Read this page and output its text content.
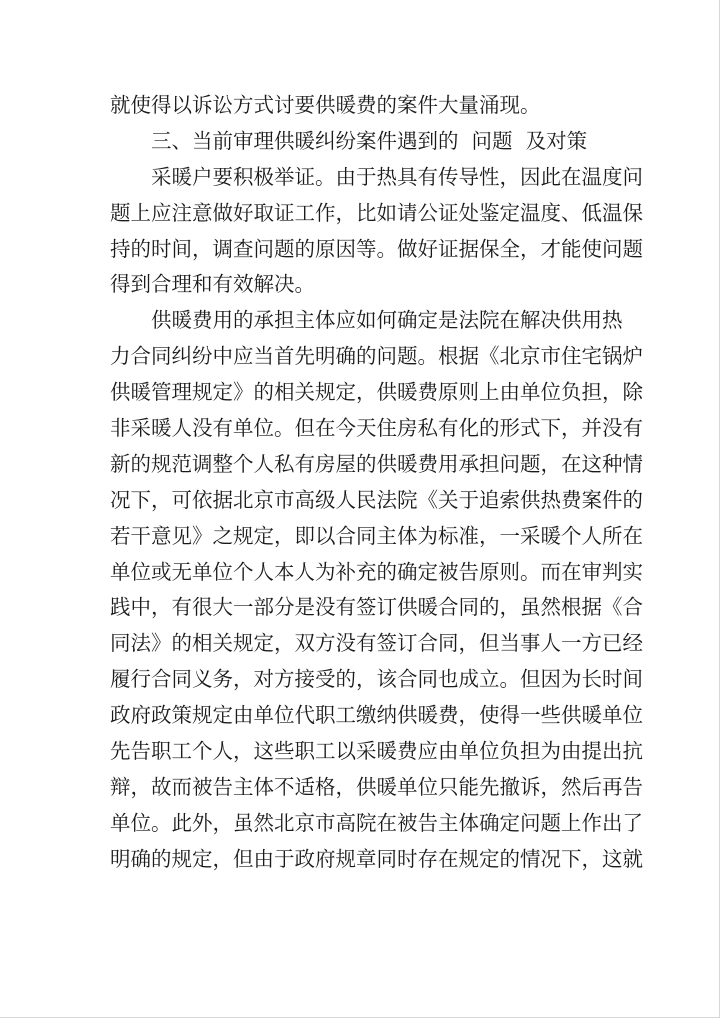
就使得以诉讼方式讨要供暖费的案件大量涌现。
三、当前审理供暖纠纷案件遇到的  问题  及对策
采暖户要积极举证。由于热具有传导性，因此在温度问
题上应注意做好取证工作，比如请公证处鉴定温度、低温保
持的时间，调查问题的原因等。做好证据保全，才能使问题
得到合理和有效解决。
供暖费用的承担主体应如何确定是法院在解决供用热
力合同纠纷中应当首先明确的问题。根据《北京市住宅锅炉
供暖管理规定》的相关规定，供暖费原则上由单位负担，除
非采暖人没有单位。但在今天住房私有化的形式下，并没有
新的规范调整个人私有房屋的供暖费用承担问题，在这种情
况下，可依据北京市高级人民法院《关于追索供热费案件的
若干意见》之规定，即以合同主体为标准，一采暖个人所在
单位或无单位个人本人为补充的确定被告原则。而在审判实
践中，有很大一部分是没有签订供暖合同的，虽然根据《合
同法》的相关规定，双方没有签订合同，但当事人一方已经
履行合同义务，对方接受的，该合同也成立。但因为长时间
政府政策规定由单位代职工缴纳供暖费，使得一些供暖单位
先告职工个人，这些职工以采暖费应由单位负担为由提出抗
辩，故而被告主体不适格，供暖单位只能先撤诉，然后再告
单位。此外，虽然北京市高院在被告主体确定问题上作出了
明确的规定，但由于政府规章同时存在规定的情况下，这就
